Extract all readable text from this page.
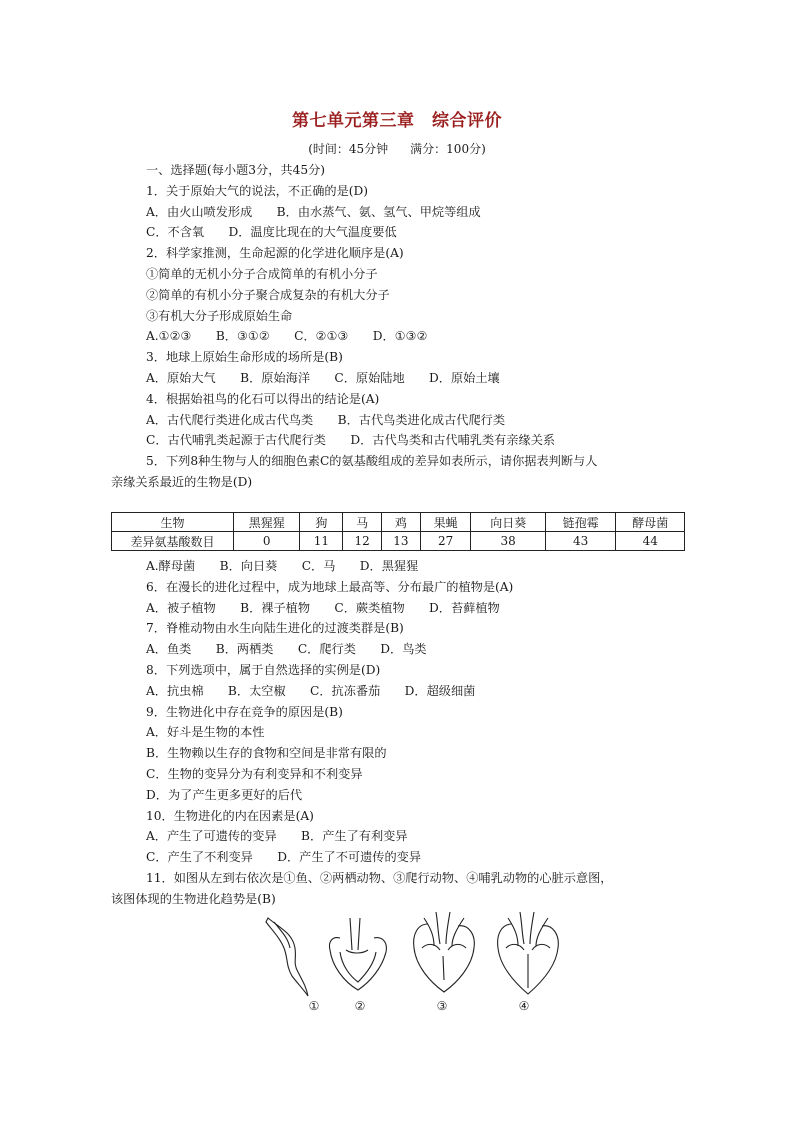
第七单元第三章　综合评价
(时间：45分钟 满分：100分)
一、选择题(每小题3分，共45分)
1．关于原始大气的说法，不正确的是(D)
A．由火山喷发形成　　B．由水蒸气、氨、氢气、甲烷等组成
C．不含氧　　D．温度比现在的大气温度要低
2．科学家推测，生命起源的化学进化顺序是(A)
①简单的无机小分子合成简单的有机小分子
②简单的有机小分子聚合成复杂的有机大分子
③有机大分子形成原始生命
A.①②③　　B．③①②　　C．②①③　　D．①③②
3．地球上原始生命形成的场所是(B)
A．原始大气　　B．原始海洋　　C．原始陆地　　D．原始土壤
4．根据始祖鸟的化石可以得出的结论是(A)
A．古代爬行类进化成古代鸟类　　B．古代鸟类进化成古代爬行类
C．古代哺乳类起源于古代爬行类　　D．古代鸟类和古代哺乳类有亲缘关系
5．下列8种生物与人的细胞色素C的氨基酸组成的差异如表所示，请你据表判断与人
亲缘关系最近的生物是(D)
生物	黑猩猩	狗	马	鸡	果蝇	向日葵	链孢霉	酵母菌
差异氨基酸数目	0	11	12	13	27	38	43	44
A.酵母菌　　B．向日葵　　C．马　　D．黑猩猩
6．在漫长的进化过程中，成为地球上最高等、分布最广的植物是(A)
A．被子植物　　B．裸子植物　　C．蕨类植物　　D．苔藓植物
7．脊椎动物由水生向陆生进化的过渡类群是(B)
A．鱼类　　B．两栖类　　C．爬行类　　D．鸟类
8．下列选项中，属于自然选择的实例是(D)
A．抗虫棉　　B．太空椒　　C．抗冻番茄　　D．超级细菌
9．生物进化中存在竞争的原因是(B)
A．好斗是生物的本性
B．生物赖以生存的食物和空间是非常有限的
C．生物的变异分为有利变异和不利变异
D．为了产生更多更好的后代
10．生物进化的内在因素是(A)
A．产生了可遗传的变异　　B．产生了有利变异
C．产生了不利变异　　D．产生了不可遗传的变异
11．如图从左到右依次是①鱼、②两栖动物、③爬行动物、④哺乳动物的心脏示意图，
该图体现的生物进化趋势是(B)
①	②	③	④
